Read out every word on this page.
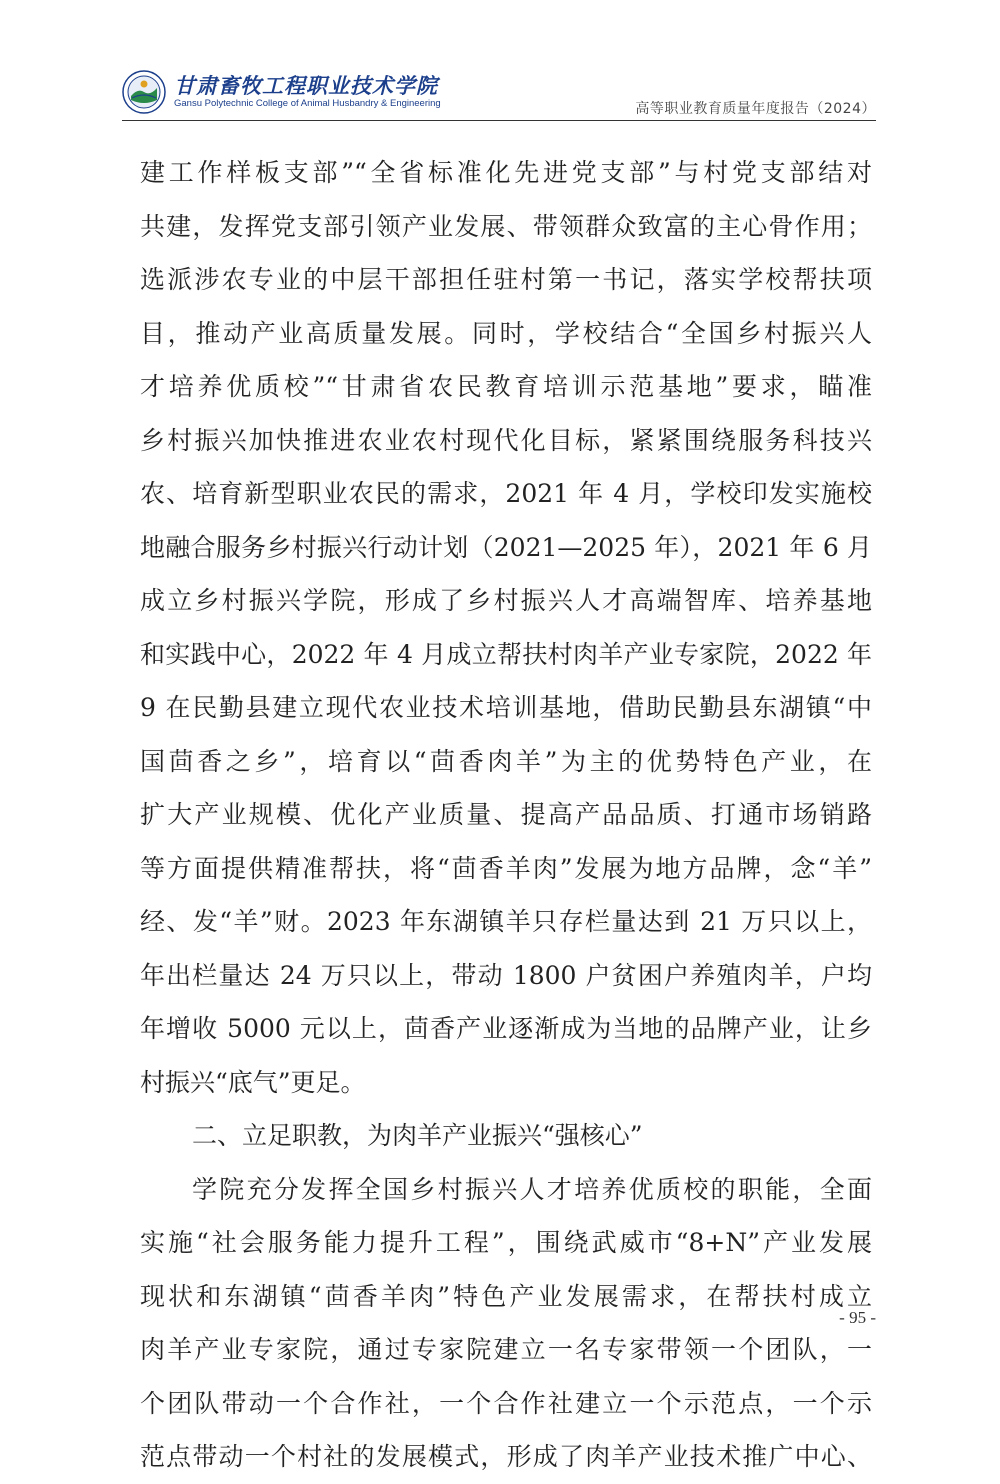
甘肃畜牧工程职业技术学院
Gansu Polytechnic College of Animal Husbandry & Engineering	高等职业教育质量年度报告（2024）
建工作样板支部”“全省标准化先进党支部”与村党支部结对
共建，发挥党支部引领产业发展、带领群众致富的主心骨作用；
选派涉农专业的中层干部担任驻村第一书记，落实学校帮扶项
目，推动产业高质量发展。同时，学校结合“全国乡村振兴人
才培养优质校”“甘肃省农民教育培训示范基地”要求，瞄准
乡村振兴加快推进农业农村现代化目标，紧紧围绕服务科技兴
农、培育新型职业农民的需求，2021 年 4 月，学校印发实施校
地融合服务乡村振兴行动计划（2021—2025 年），2021 年 6 月
成立乡村振兴学院，形成了乡村振兴人才高端智库、培养基地
和实践中心，2022 年 4 月成立帮扶村肉羊产业专家院，2022 年
9 在民勤县建立现代农业技术培训基地，借助民勤县东湖镇“中
国茴香之乡”，培育以“茴香肉羊”为主的优势特色产业，在
扩大产业规模、优化产业质量、提高产品品质、打通市场销路
等方面提供精准帮扶，将“茴香羊肉”发展为地方品牌，念“羊”
经、发“羊”财。2023 年东湖镇羊只存栏量达到 21 万只以上，
年出栏量达 24 万只以上，带动 1800 户贫困户养殖肉羊，户均
年增收 5000 元以上，茴香产业逐渐成为当地的品牌产业，让乡
村振兴“底气”更足。
二、立足职教，为肉羊产业振兴“强核心”
学院充分发挥全国乡村振兴人才培养优质校的职能，全面
实施“社会服务能力提升工程”，围绕武威市“8+N”产业发展
现状和东湖镇“茴香羊肉”特色产业发展需求，在帮扶村成立
肉羊产业专家院，通过专家院建立一名专家带领一个团队，一
个团队带动一个合作社，一个合作社建立一个示范点，一个示
范点带动一个村社的发展模式，形成了肉羊产业技术推广中心、
- 95 -
